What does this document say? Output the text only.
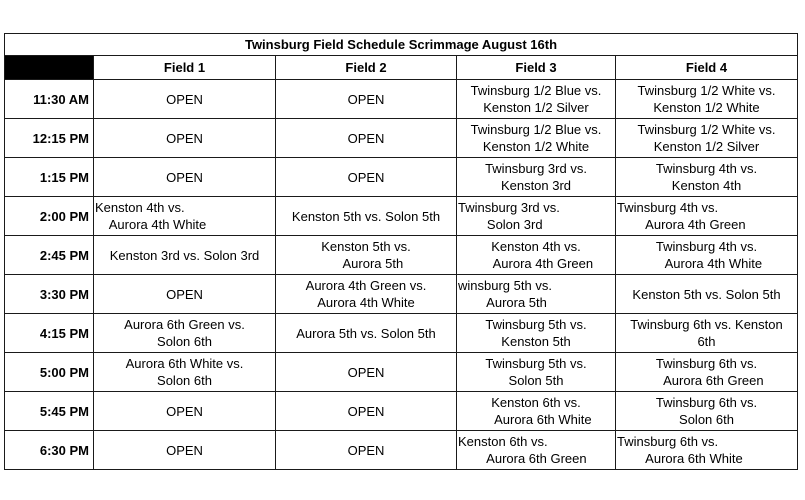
Twinsburg Field Schedule Scrimmage August 16th				
	Field 1	Field 2	Field 3	Field 4
11:30 AM	OPEN	OPEN	Twinsburg 1/2 Blue vs.
Kenston 1/2 Silver	Twinsburg 1/2 White vs.
Kenston 1/2 White

12:15 PM	OPEN	OPEN	Twinsburg 1/2 Blue vs.
Kenston 1/2 White	Twinsburg 1/2 White vs.
Kenston 1/2 Silver

1:15 PM	OPEN	OPEN	Twinsburg 3rd vs.
Kenston 3rd	Twinsburg 4th vs.
Kenston 4th

2:00 PM	Kenston 4th vs.
Aurora 4th White	Kenston 5th vs. Solon 5th	Twinsburg 3rd vs.
Solon 3rd	Twinsburg 4th vs.
Aurora 4th Green

2:45 PM	Kenston 3rd vs. Solon 3rd	Kenston 5th vs.
Aurora 5th	Kenston 4th vs.
Aurora 4th Green	Twinsburg 4th vs.
Aurora 4th White

3:30 PM	OPEN	Aurora 4th Green vs.
Aurora 4th White	winsburg 5th vs.
Aurora 5th	Kenston 5th vs. Solon 5th

4:15 PM	Aurora 6th Green vs.
Solon 6th	Aurora 5th vs. Solon 5th	Twinsburg 5th vs.
Kenston 5th	Twinsburg 6th vs. Kenston
6th

5:00 PM	Aurora 6th White vs.
Solon 6th	OPEN	Twinsburg 5th vs.
Solon 5th	Twinsburg 6th vs.
Aurora 6th Green

5:45 PM	OPEN	OPEN	Kenston 6th vs.
Aurora 6th White	Twinsburg 6th vs.
Solon 6th

6:30 PM	OPEN	OPEN	Kenston 6th vs.
Aurora 6th Green	Twinsburg 6th vs.
Aurora 6th White
